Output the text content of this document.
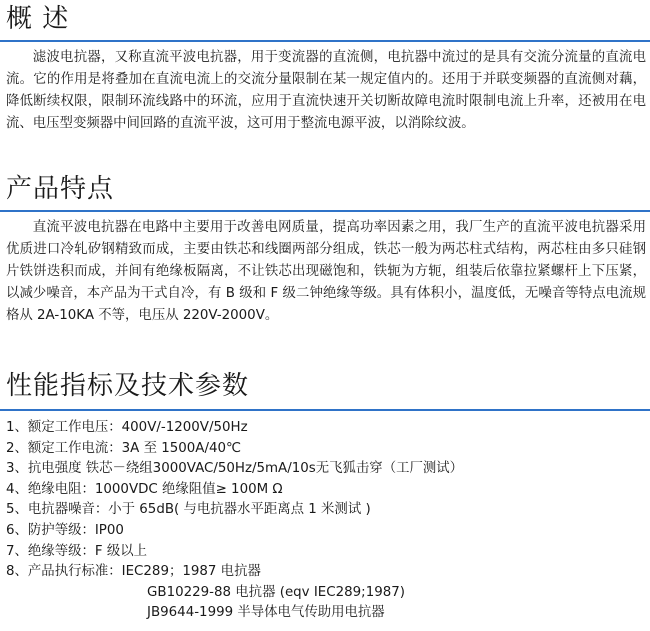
概 述

滤波电抗器，又称直流平波电抗器，用于变流器的直流侧，电抗器中流过的是具有交流分流量的直流电流。它的作用是将叠加在直流电流上的交流分量限制在某一规定值内的。还用于并联变频器的直流侧对藕，降低断续权限，限制环流线路中的环流，应用于直流快速开关切断故障电流时限制电流上升率，还被用在电流、电压型变频器中间回路的直流平波，这可用于整流电源平波，以消除纹波。

产品特点

直流平波电抗器在电路中主要用于改善电网质量，提高功率因素之用，我厂生产的直流平波电抗器采用优质进口冷轧矽钢精致而成，主要由铁芯和线圈两部分组成，铁芯一般为两芯柱式结构，两芯柱由多只硅钢片铁饼迭积而成，并间有绝缘板隔离，不让铁芯出现磁饱和，铁轭为方轭，组装后依靠拉紧螺杆上下压紧，以减少噪音，本产品为干式自冷，有 B 级和 F 级二钟绝缘等级。具有体积小，温度低，无噪音等特点电流规格从 2A-10KA 不等，电压从 220V-2000V。

性能指标及技术参数
1、额定工作电压：400V/-1200V/50Hz
2、额定工作电流：3A 至 1500A/40℃
3、抗电强度 铁芯－绕组3000VAC/50Hz/5mA/10s无飞狐击穿（工厂测试）
4、绝缘电阻：1000VDC 绝缘阻值≥ 100M Ω
5、电抗器噪音：小于 65dB( 与电抗器水平距离点 1 米测试 )
6、防护等级：IP00
7、绝缘等级：F 级以上
8、产品执行标准：IEC289；1987 电抗器
GB10229-88 电抗器 (eqv IEC289;1987)
JB9644-1999 半导体电气传助用电抗器
